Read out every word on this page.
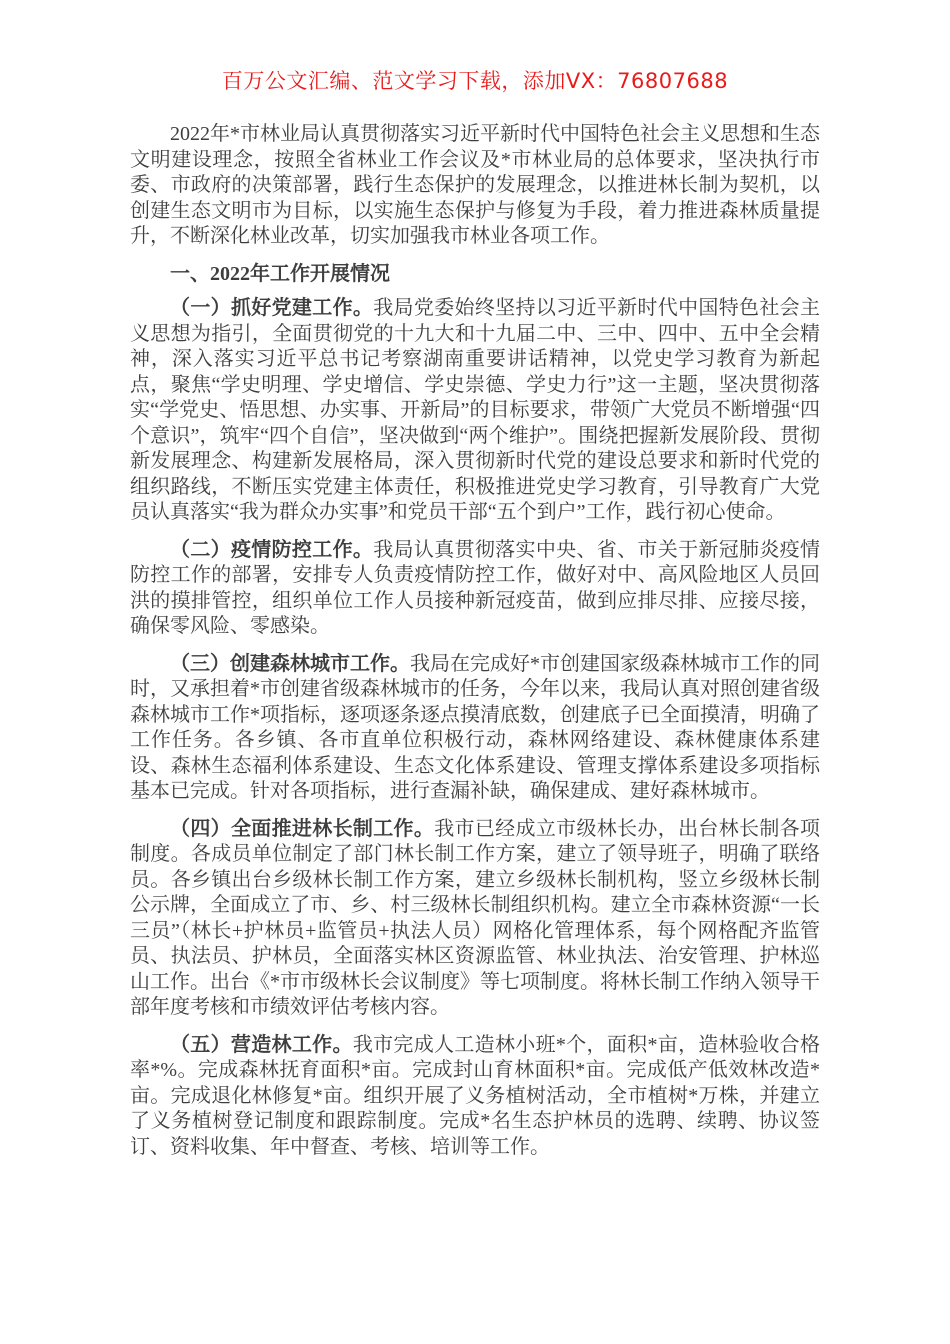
百万公文汇编、范文学习下载，添加VX：76807688

2022年*市林业局认真贯彻落实习近平新时代中国特色社会主义思想和生态文明建设理念，按照全省林业工作会议及*市林业局的总体要求，坚决执行市委、市政府的决策部署，践行生态保护的发展理念，以推进林长制为契机，以创建生态文明市为目标，以实施生态保护与修复为手段，着力推进森林质量提升，不断深化林业改革，切实加强我市林业各项工作。

一、2022年工作开展情况

（一）抓好党建工作。我局党委始终坚持以习近平新时代中国特色社会主义思想为指引，全面贯彻党的十九大和十九届二中、三中、四中、五中全会精神，深入落实习近平总书记考察湖南重要讲话精神，以党史学习教育为新起点，聚焦“学史明理、学史增信、学史崇德、学史力行”这一主题，坚决贯彻落实“学党史、悟思想、办实事、开新局”的目标要求，带领广大党员不断增强“四个意识”，筑牢“四个自信”，坚决做到“两个维护”。围绕把握新发展阶段、贯彻新发展理念、构建新发展格局，深入贯彻新时代党的建设总要求和新时代党的组织路线，不断压实党建主体责任，积极推进党史学习教育，引导教育广大党员认真落实“我为群众办实事”和党员干部“五个到户”工作，践行初心使命。

（二）疫情防控工作。我局认真贯彻落实中央、省、市关于新冠肺炎疫情防控工作的部署，安排专人负责疫情防控工作，做好对中、高风险地区人员回洪的摸排管控，组织单位工作人员接种新冠疫苗，做到应排尽排、应接尽接，确保零风险、零感染。

（三）创建森林城市工作。我局在完成好*市创建国家级森林城市工作的同时，又承担着*市创建省级森林城市的任务，今年以来，我局认真对照创建省级森林城市工作*项指标，逐项逐条逐点摸清底数，创建底子已全面摸清，明确了工作任务。各乡镇、各市直单位积极行动，森林网络建设、森林健康体系建设、森林生态福利体系建设、生态文化体系建设、管理支撑体系建设多项指标基本已完成。针对各项指标，进行查漏补缺，确保建成、建好森林城市。

（四）全面推进林长制工作。我市已经成立市级林长办，出台林长制各项制度。各成员单位制定了部门林长制工作方案，建立了领导班子，明确了联络员。各乡镇出台乡级林长制工作方案，建立乡级林长制机构，竖立乡级林长制公示牌，全面成立了市、乡、村三级林长制组织机构。建立全市森林资源“一长三员”（林长+护林员+监管员+执法人员）网格化管理体系，每个网格配齐监管员、执法员、护林员，全面落实林区资源监管、林业执法、治安管理、护林巡山工作。出台《*市市级林长会议制度》等七项制度。将林长制工作纳入领导干部年度考核和市绩效评估考核内容。

（五）营造林工作。我市完成人工造林小班*个，面积*亩，造林验收合格率*%。完成森林抚育面积*亩。完成封山育林面积*亩。完成低产低效林改造*亩。完成退化林修复*亩。组织开展了义务植树活动，全市植树*万株，并建立了义务植树登记制度和跟踪制度。完成*名生态护林员的选聘、续聘、协议签订、资料收集、年中督查、考核、培训等工作。
